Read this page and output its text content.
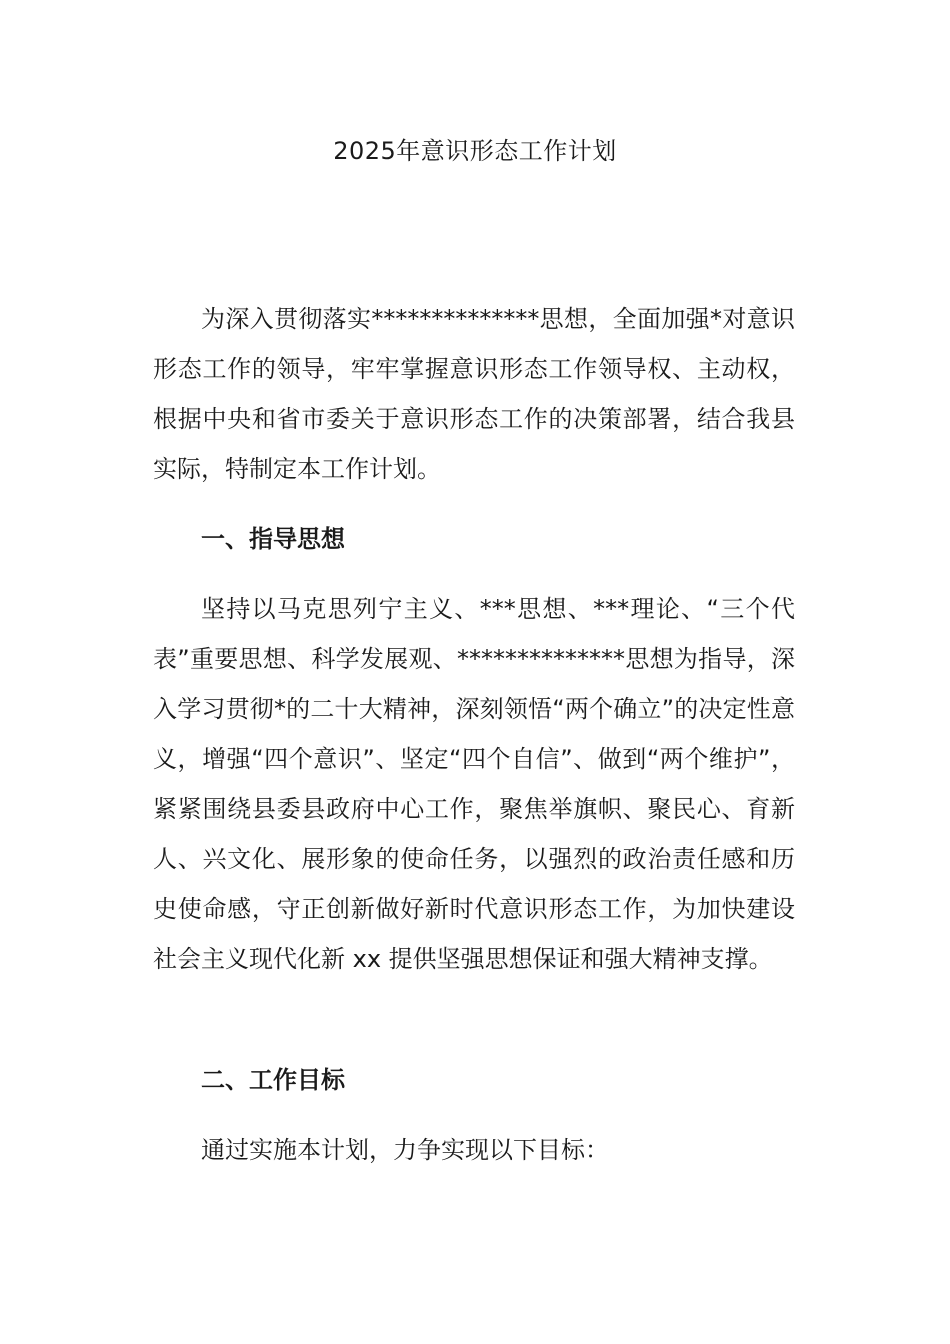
2025年意识形态工作计划

为深入贯彻落实**************思想，全面加强*对意识形态工作的领导，牢牢掌握意识形态工作领导权、主动权，根据中央和省市委关于意识形态工作的决策部署，结合我县实际，特制定本工作计划。

一、指导思想

坚持以马克思列宁主义、***思想、***理论、“三个代表”重要思想、科学发展观、**************思想为指导，深入学习贯彻*的二十大精神，深刻领悟“两个确立”的决定性意义，增强“四个意识”、坚定“四个自信”、做到“两个维护”，紧紧围绕县委县政府中心工作，聚焦举旗帜、聚民心、育新人、兴文化、展形象的使命任务，以强烈的政治责任感和历史使命感，守正创新做好新时代意识形态工作，为加快建设社会主义现代化新 xx 提供坚强思想保证和强大精神支撑。

二、工作目标

通过实施本计划，力争实现以下目标：
